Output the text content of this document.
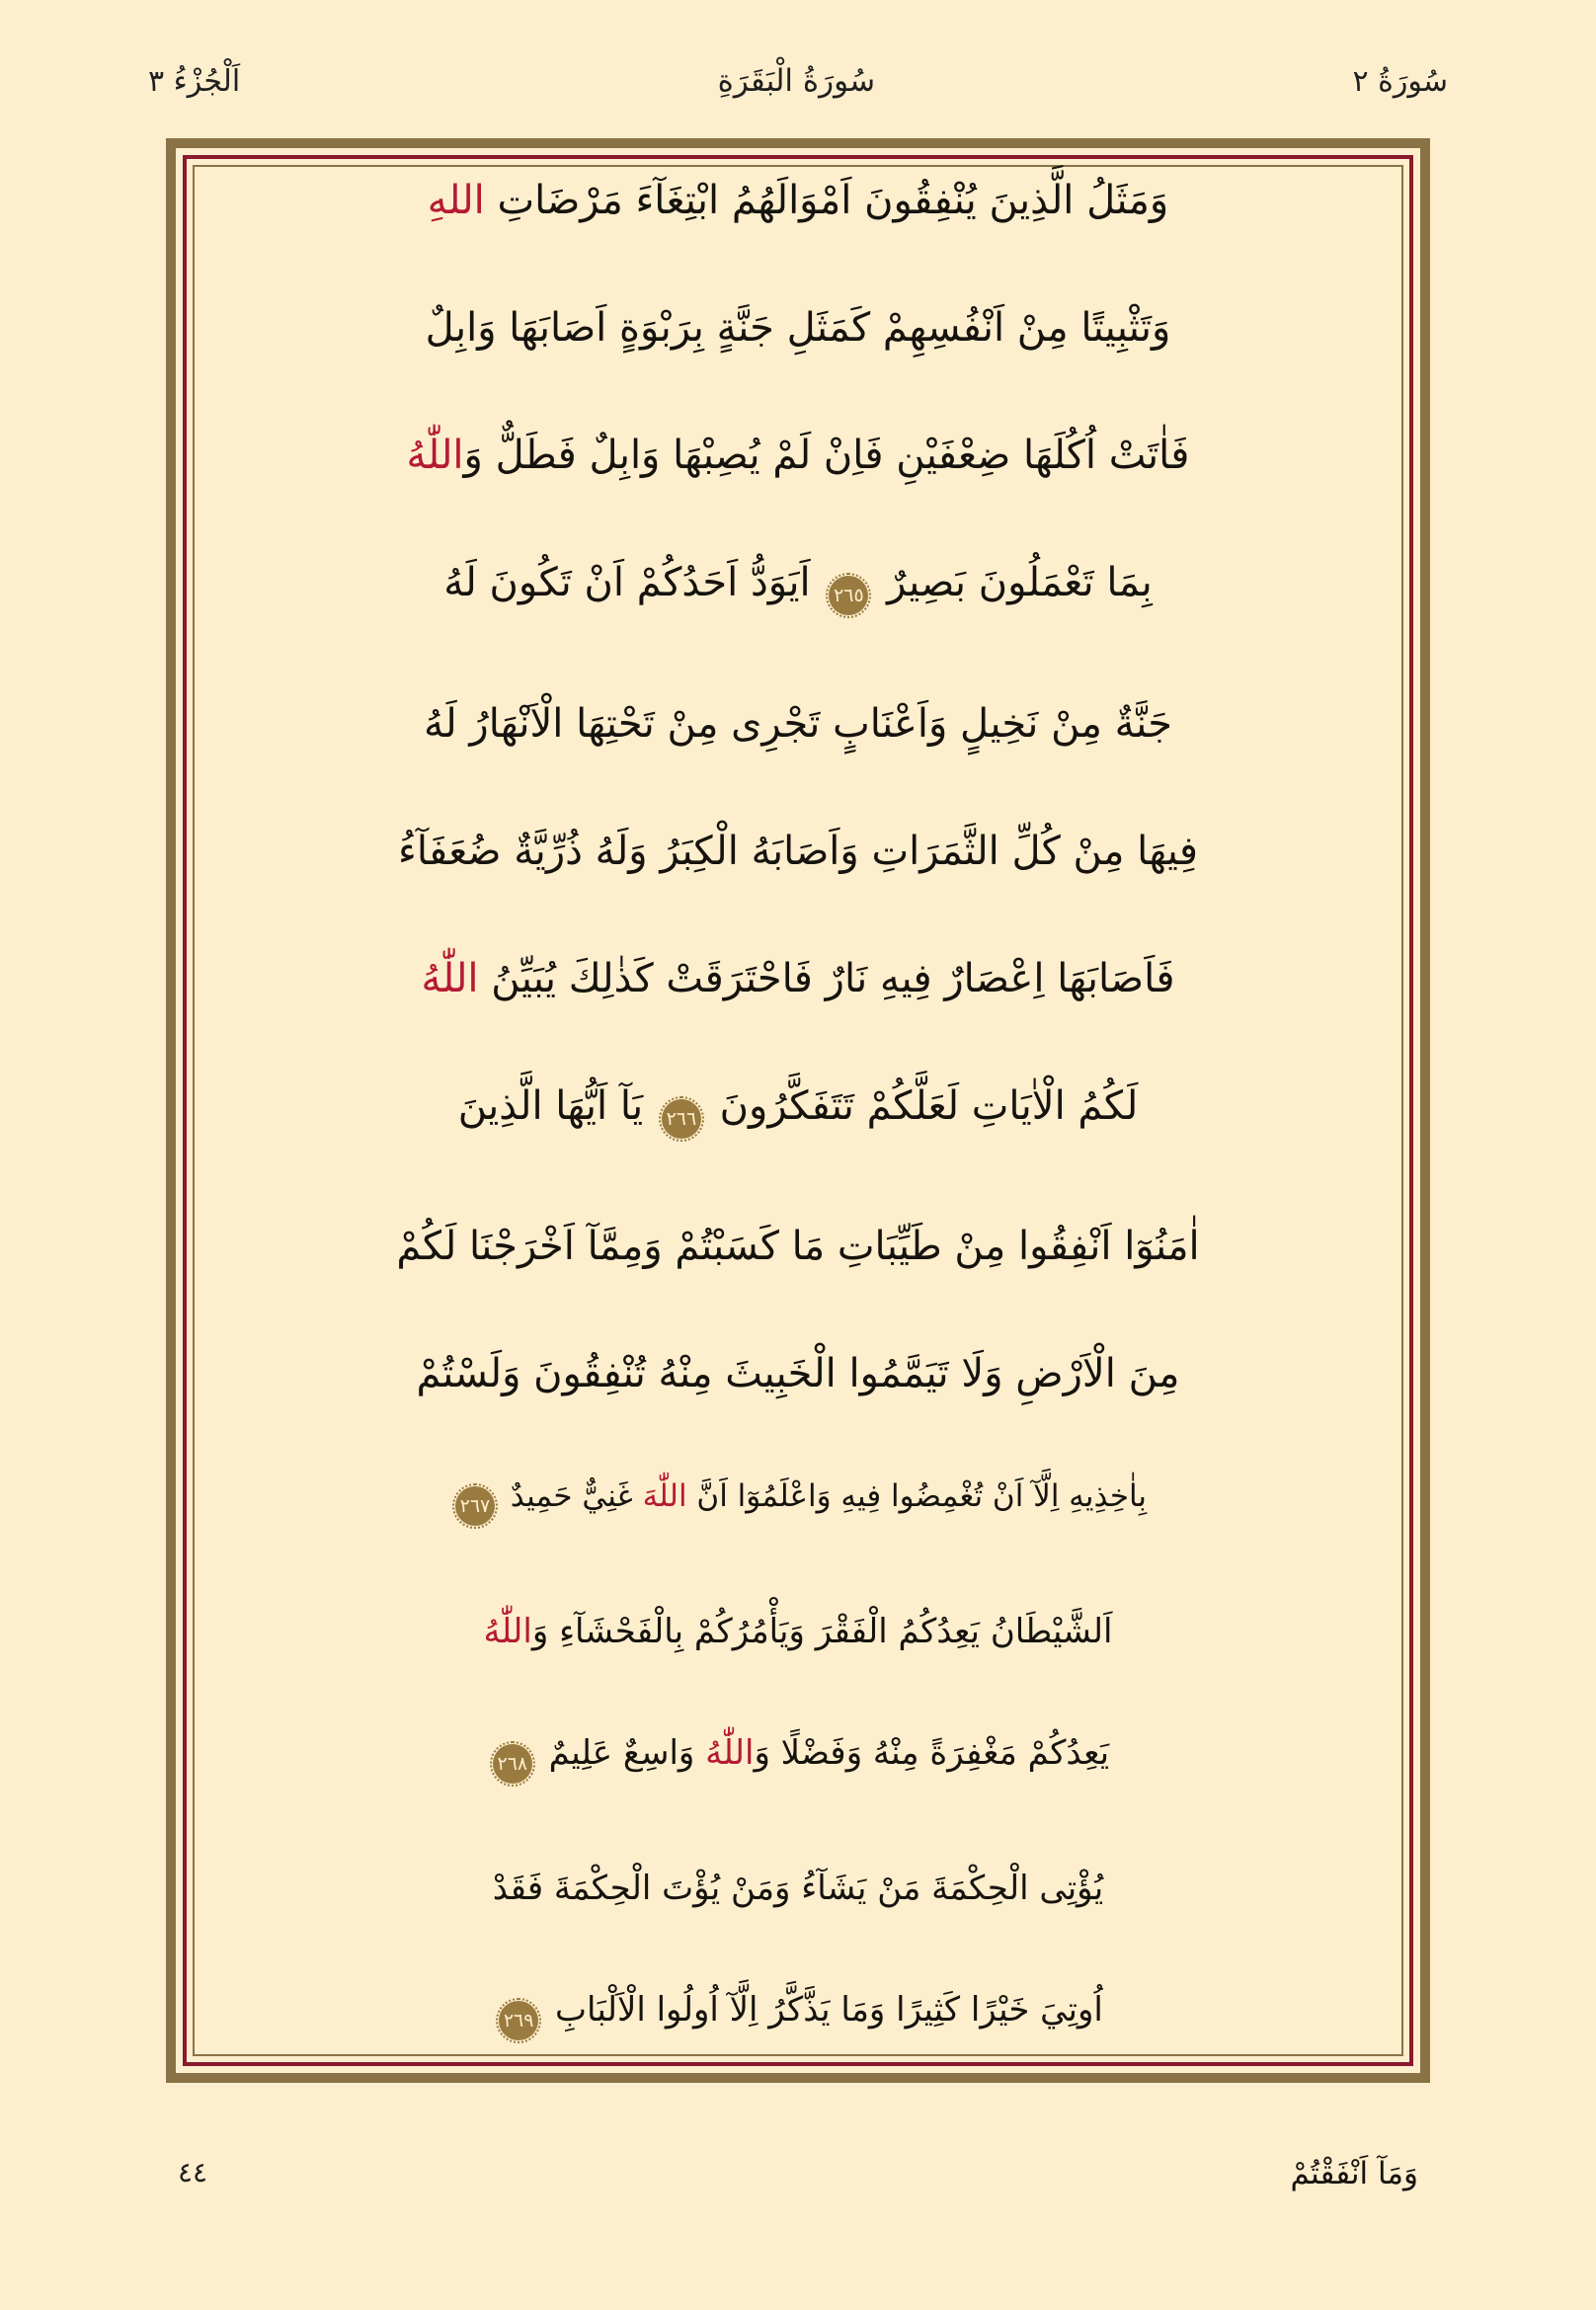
سُورَةُ ٢
سُورَةُ الْبَقَرَةِ
اَلْجُزْءُ ٣
وَمَثَلُ الَّذِينَ يُنْفِقُونَ اَمْوَالَهُمُ ابْتِغَآءَ مَرْضَاتِ اللهِ
وَتَثْبِيتًا مِنْ اَنْفُسِهِمْ كَمَثَلِ جَنَّةٍ بِرَبْوَةٍ اَصَابَهَا وَابِلٌ
فَاٰتَتْ اُكُلَهَا ضِعْفَيْنِ فَاِنْ لَمْ يُصِبْهَا وَابِلٌ فَطَلٌّ وَاللّٰهُ
بِمَا تَعْمَلُونَ بَصِيرٌ ٢٦٥ اَيَوَدُّ اَحَدُكُمْ اَنْ تَكُونَ لَهُ
جَنَّةٌ مِنْ نَخِيلٍ وَاَعْنَابٍ تَجْرِى مِنْ تَحْتِهَا الْاَنْهَارُ لَهُ
فِيهَا مِنْ كُلِّ الثَّمَرَاتِ وَاَصَابَهُ الْكِبَرُ وَلَهُ ذُرِّيَّةٌ ضُعَفَآءُ
فَاَصَابَهَا اِعْصَارٌ فِيهِ نَارٌ فَاحْتَرَقَتْ كَذٰلِكَ يُبَيِّنُ اللّٰهُ
لَكُمُ الْاٰيَاتِ لَعَلَّكُمْ تَتَفَكَّرُونَ ٢٦٦ يَآ اَيُّهَا الَّذِينَ
اٰمَنُوٓا اَنْفِقُوا مِنْ طَيِّبَاتِ مَا كَسَبْتُمْ وَمِمَّآ اَخْرَجْنَا لَكُمْ
مِنَ الْاَرْضِ وَلَا تَيَمَّمُوا الْخَبِيثَ مِنْهُ تُنْفِقُونَ وَلَسْتُمْ
بِاٰخِذِيهِ اِلَّآ اَنْ تُغْمِضُوا فِيهِ وَاعْلَمُوٓا اَنَّ اللّٰهَ غَنِيٌّ حَمِيدٌ ٢٦٧
اَلشَّيْطَانُ يَعِدُكُمُ الْفَقْرَ وَيَأْمُرُكُمْ بِالْفَحْشَآءِ وَاللّٰهُ
يَعِدُكُمْ مَغْفِرَةً مِنْهُ وَفَضْلًا وَاللّٰهُ وَاسِعٌ عَلِيمٌ ٢٦٨
يُؤْتِى الْحِكْمَةَ مَنْ يَشَآءُ وَمَنْ يُؤْتَ الْحِكْمَةَ فَقَدْ
اُوتِيَ خَيْرًا كَثِيرًا وَمَا يَذَّكَّرُ اِلَّآ اُولُوا الْاَلْبَابِ ٢٦٩
وَمَآ اَنْفَقْتُمْ
٤٤
